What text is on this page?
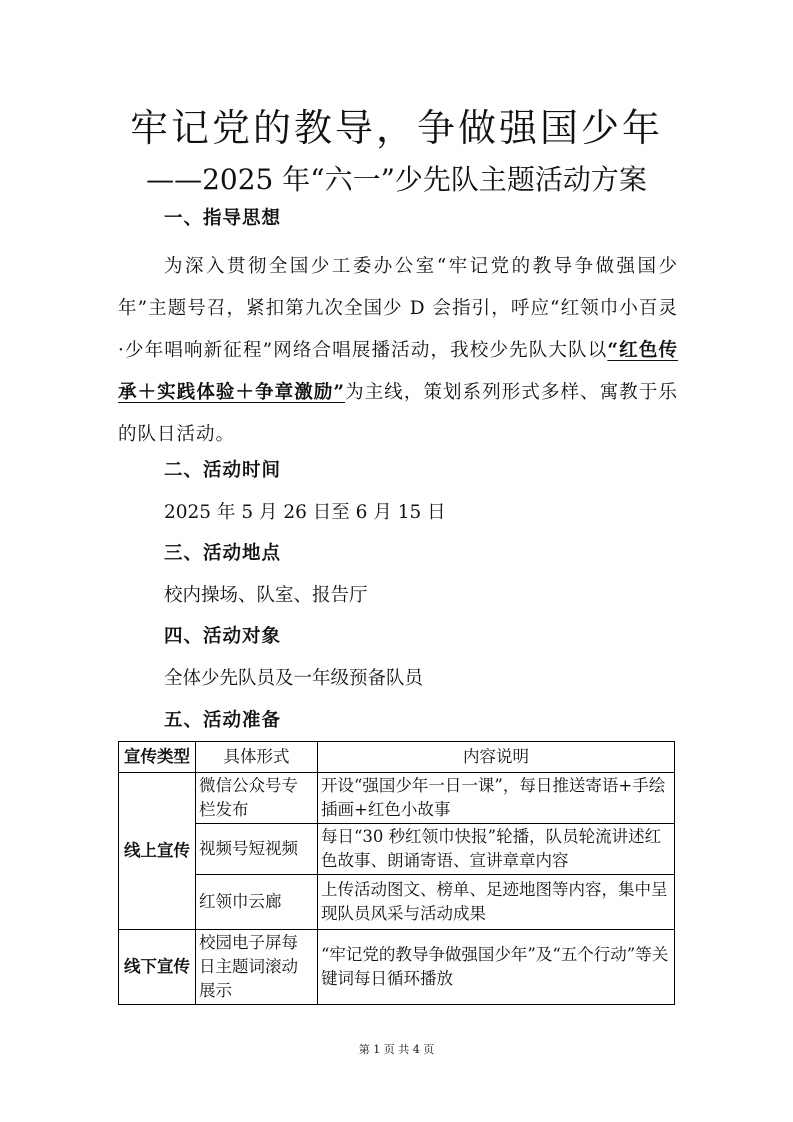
牢记党的教导，争做强国少年
——2025 年“六一”少先队主题活动方案
一、指导思想
为深入贯彻全国少工委办公室“牢记党的教导争做强国少年”主题号召，紧扣第九次全国少 D 会指引，呼应“红领巾小百灵·少年唱响新征程”网络合唱展播活动，我校少先队大队以“红色传承＋实践体验＋争章激励”为主线，策划系列形式多样、寓教于乐的队日活动。
二、活动时间
2025 年 5 月 26 日至 6 月 15 日
三、活动地点
校内操场、队室、报告厅
四、活动对象
全体少先队员及一年级预备队员
五、活动准备
宣传类型	具体形式	内容说明
线上宣传	微信公众号专栏发布	开设“强国少年一日一课”，每日推送寄语+手绘插画+红色小故事
	视频号短视频	每日“30 秒红领巾快报”轮播，队员轮流讲述红色故事、朗诵寄语、宣讲章章内容
	红领巾云廊	上传活动图文、榜单、足迹地图等内容，集中呈现队员风采与活动成果
线下宣传	校园电子屏每日主题词滚动展示	“牢记党的教导争做强国少年”及“五个行动”等关键词每日循环播放
第 1 页 共 4 页
